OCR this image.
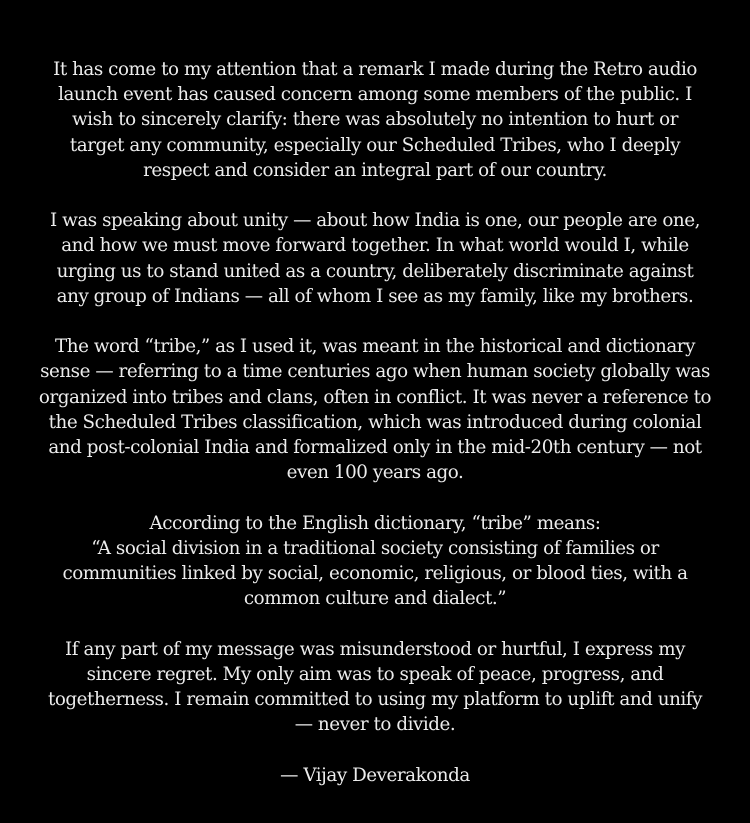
It has come to my attention that a remark I made during the Retro audio
launch event has caused concern among some members of the public. I
wish to sincerely clarify: there was absolutely no intention to hurt or
target any community, especially our Scheduled Tribes, who I deeply
respect and consider an integral part of our country.

I was speaking about unity — about how India is one, our people are one,
and how we must move forward together. In what world would I, while
urging us to stand united as a country, deliberately discriminate against
any group of Indians — all of whom I see as my family, like my brothers.

The word “tribe,” as I used it, was meant in the historical and dictionary
sense — referring to a time centuries ago when human society globally was
organized into tribes and clans, often in conflict. It was never a reference to
the Scheduled Tribes classification, which was introduced during colonial
and post-colonial India and formalized only in the mid-20th century — not
even 100 years ago.

According to the English dictionary, “tribe” means:
“A social division in a traditional society consisting of families or
communities linked by social, economic, religious, or blood ties, with a
common culture and dialect.”

If any part of my message was misunderstood or hurtful, I express my
sincere regret. My only aim was to speak of peace, progress, and
togetherness. I remain committed to using my platform to uplift and unify
— never to divide.

— Vijay Deverakonda
